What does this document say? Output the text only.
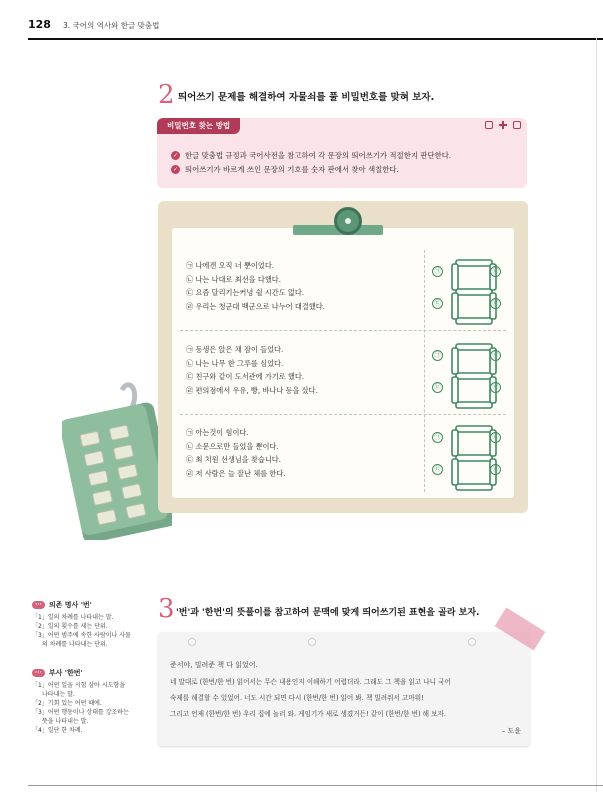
128 3. 국어의 역사와 한글 맞춤법
2 띄어쓰기 문제를 해결하여 자물쇠를 풀 비밀번호를 맞혀 보자.
비밀번호 찾는 방법
✓ 한글 맞춤법 규정과 국어사전을 참고하여 각 문장의 띄어쓰기가 적절한지 판단한다.
✓ 띄어쓰기가 바르게 쓰인 문장의 기호를 숫자 판에서 찾아 색칠한다.
㉠ 나에겐 오직 너 뿐이었다.
㉡ 나는 나대로 최선을 다했다.
㉢ 요즘 달리기는커녕 쉴 시간도 없다.
㉣ 우리는 청군대 백군으로 나누어 대결했다.
㉠ 동생은 앉은 채 잠이 들었다.
㉡ 나는 나무 한 그루를 심었다.
㉢ 친구와 같이 도서관에 가기로 했다.
㉣ 편의점에서 우유, 빵, 바나나 등을 샀다.
㉠ 아는것이 힘이다.
㉡ 소문으로만 들었을 뿐이다.
㉢ 최 치원 선생님을 찾습니다.
㉣ 저 사람은 늘 잘난 체를 한다.
㉠	㉡
㉢	㉣
㉠	㉡
㉢	㉣
㉠	㉡
㉢	㉣
···	의존 명사 '번'

「1」일의 차례를 나타내는 말.

「2」일의 횟수를 세는 단위.

「3」어떤 범주에 속한 사람이나 사물

의 차례를 나타내는 단위.

···	부사 '한번'

「1」어떤 일을 시험 삼아 시도함을

나타내는 말.

「2」기회 있는 어떤 때에.

「3」어떤 행동이나 상태를 강조하는

뜻을 나타내는 말.

「4」일단 한 차례.

3 '번'과 '한번'의 뜻풀이를 참고하여 문맥에 맞게 띄어쓰기된 표현을 골라 보자.
준서야, 빌려준 책 다 읽었어.
네 말대로 (한번/한 번) 읽어서는 무슨 내용인지 이해하기 어렵더라. 그래도 그 책을 읽고 나니 국어
숙제를 해결할 수 있었어. 너도 시간 되면 다시 (한번/한 번) 읽어 봐. 책 빌려줘서 고마워!
그리고 언제 (한번/한 번) 우리 집에 놀러 와. 게임기가 새로 생겼거든! 같이 (한번/한 번) 해 보자.
– 도윤
